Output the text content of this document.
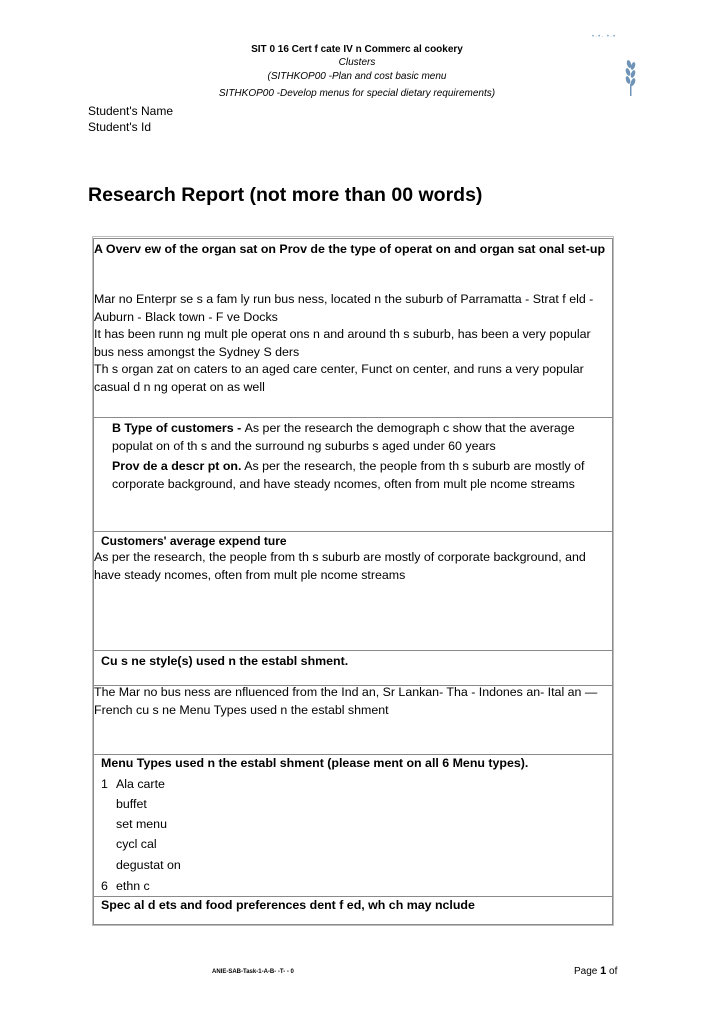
SIT 0 16 Cert f cate IV n Commerc al cookery
Clusters
(SITHKOP00 -Plan and cost basic menu
SITHKOP00 -Develop menus for special dietary requirements)
•·•· •·•
Student's Name
Student's Id
Research Report (not more than 00 words)
A Overv ew of the organ sat on Prov de the type of operat on and organ sat onal set-up
Mar no Enterpr se s a fam ly run bus ness, located n the suburb of Parramatta - Strat f eld - Auburn - Black town - F ve Docks
It has been runn ng mult ple operat ons n and around th s suburb, has been a very popular bus ness amongst the Sydney S ders
Th s organ zat on caters to an aged care center, Funct on center, and runs a very popular casual d n ng operat on as well
B Type of customers - As per the research the demograph c show that the average populat on of th s and the surround ng suburbs s aged under 60 years
Prov de a descr pt on. As per the research, the people from th s suburb are mostly of corporate background, and have steady ncomes, often from mult ple ncome streams
Customers' average expend ture
As per the research, the people from th s suburb are mostly of corporate background, and have steady ncomes, often from mult ple ncome streams
Cu s ne style(s) used n the establ shment.
The Mar no bus ness are nfluenced from the Ind an, Sr Lankan- Tha - Indones an- Ital an — French cu s ne Menu Types used n the establ shment
Menu Types used n the establ shment (please ment on all 6 Menu types).
1 Ala carte
buffet
set menu
cycl cal
degustat on
6 ethn c
Spec al d ets and food preferences dent f ed, wh ch may nclude
ANIE-SAB-Task-1-A-B- -T- - 0	Page 1 of
